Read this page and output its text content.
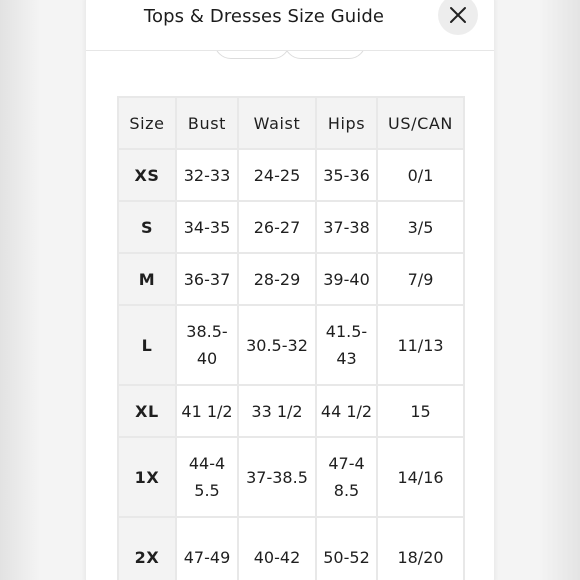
Tops & Dresses Size Guide
Size	Bust	Waist	Hips	US/CAN
XS	32-33	24-25	35-36	0/1
S	34-35	26-27	37-38	3/5
M	36-37	28-29	39-40	7/9
L	38.5-40	30.5-32	41.5-43	11/13
XL	41 1/2	33 1/2	44 1/2	15
1X	44-45.5	37-38.5	47-48.5	14/16
2X	47-49	40-42	50-52	18/20
